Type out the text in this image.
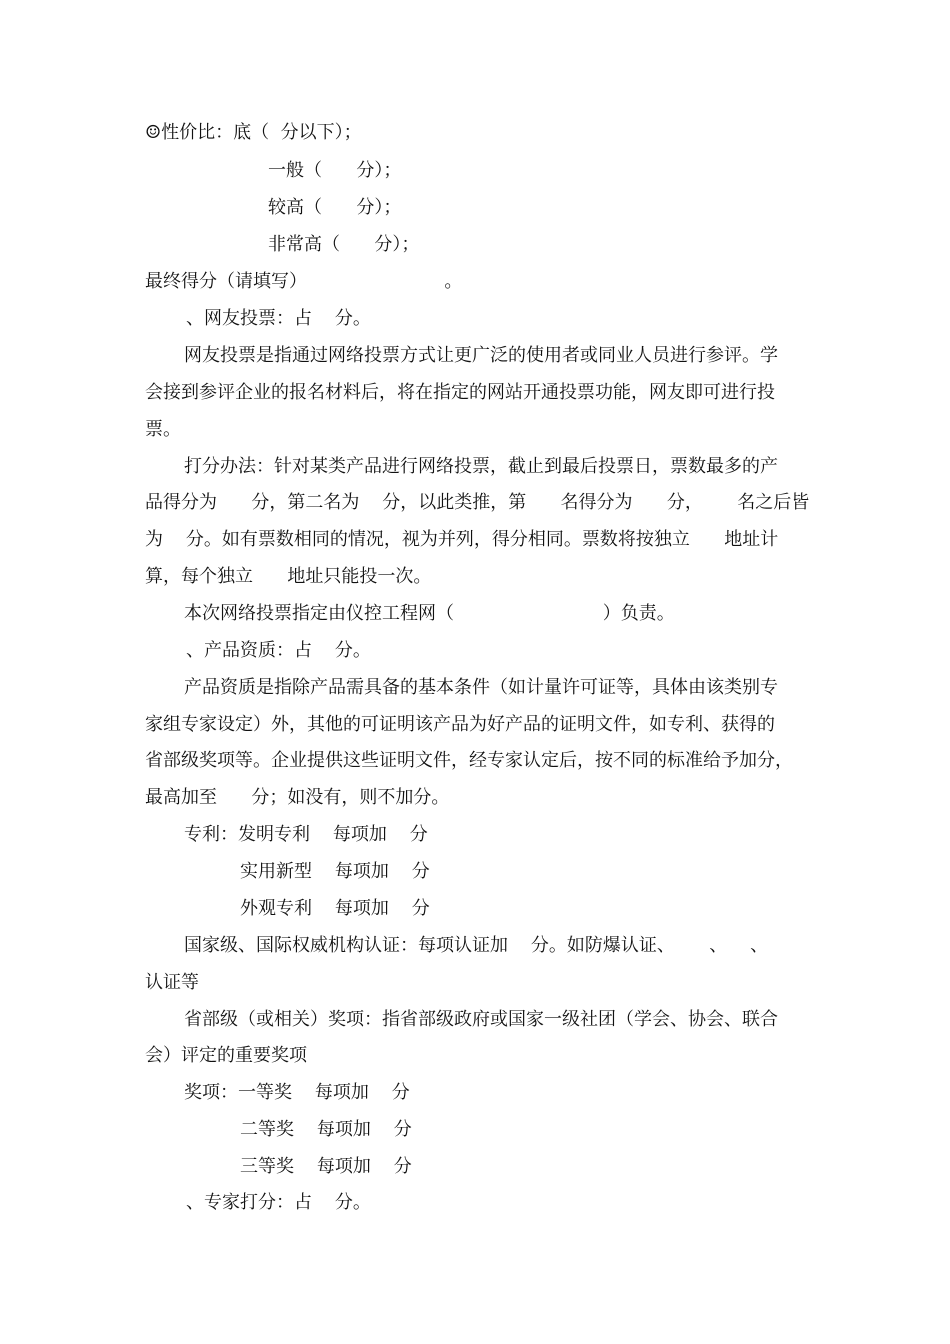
☺性价比：底（  分以下）；
一般（      分）；
较高（      分）；
非常高（      分）；
最终得分（请填写）                        。
、网友投票：占    分。
网友投票是指通过网络投票方式让更广泛的使用者或同业人员进行参评。学
会接到参评企业的报名材料后，将在指定的网站开通投票功能，网友即可进行投
票。
打分办法：针对某类产品进行网络投票，截止到最后投票日，票数最多的产
品得分为      分，第二名为    分，以此类推，第      名得分为      分，      名之后皆
为    分。如有票数相同的情况，视为并列，得分相同。票数将按独立      地址计
算，每个独立      地址只能投一次。
本次网络投票指定由仪控工程网（                          ）负责。
、产品资质：占    分。
产品资质是指除产品需具备的基本条件（如计量许可证等，具体由该类别专
家组专家设定）外，其他的可证明该产品为好产品的证明文件，如专利、获得的
省部级奖项等。企业提供这些证明文件，经专家认定后，按不同的标准给予加分，
最高加至      分；如没有，则不加分。
专利：发明专利    每项加    分
实用新型    每项加    分
外观专利    每项加    分
国家级、国际权威机构认证：每项认证加    分。如防爆认证、      、    、
认证等
省部级（或相关）奖项：指省部级政府或国家一级社团（学会、协会、联合
会）评定的重要奖项
奖项：一等奖    每项加    分
二等奖    每项加    分
三等奖    每项加    分
、专家打分：占    分。
